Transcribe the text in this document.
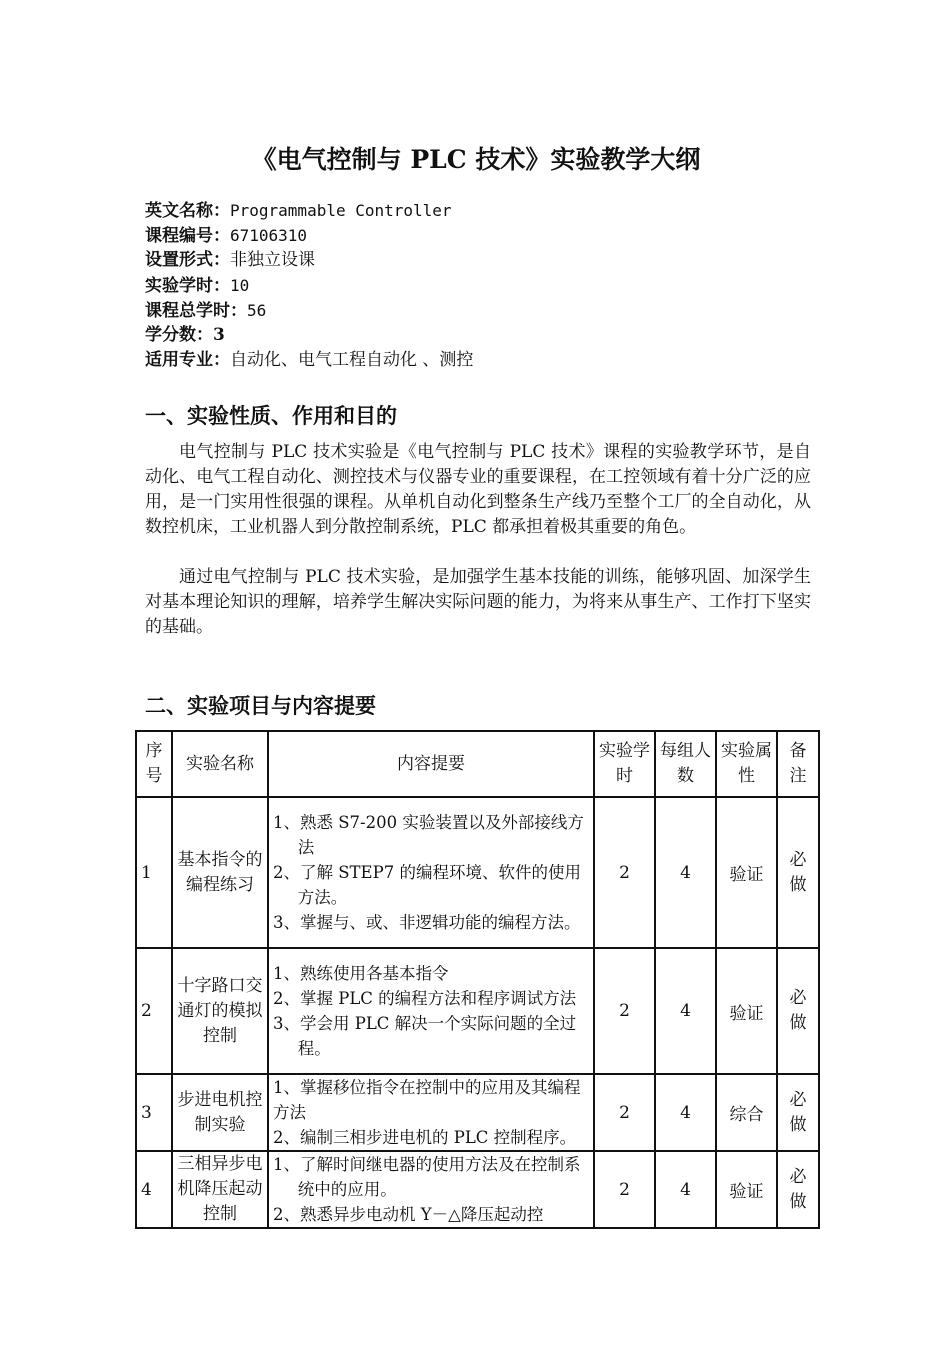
《电气控制与 PLC 技术》实验教学大纲
英文名称：Programmable Controller
课程编号：67106310
设置形式：非独立设课
实验学时：10
课程总学时：56
学分数：3
适用专业：自动化、电气工程自动化 、测控
一、实验性质、作用和目的
电气控制与 PLC 技术实验是《电气控制与 PLC 技术》课程的实验教学环节，是自动化、电气工程自动化、测控技术与仪器专业的重要课程，在工控领域有着十分广泛的应用，是一门实用性很强的课程。从单机自动化到整条生产线乃至整个工厂的全自动化，从数控机床，工业机器人到分散控制系统，PLC 都承担着极其重要的角色。
通过电气控制与 PLC 技术实验，是加强学生基本技能的训练，能够巩固、加深学生对基本理论知识的理解，培养学生解决实际问题的能力，为将来从事生产、工作打下坚实的基础。
二、实验项目与内容提要
序号	实验名称	内容提要	实验学时	每组人数	实验属性	备注
1	基本指令的编程练习	1、熟悉 S7-200 实验装置以及外部接线方法
2、了解 STEP7 的编程环境、软件的使用方法。
3、掌握与、或、非逻辑功能的编程方法。	2	4	验证	必做
2	十字路口交通灯的模拟控制	1、熟练使用各基本指令
2、掌握 PLC 的编程方法和程序调试方法
3、学会用 PLC 解决一个实际问题的全过程。	2	4	验证	必做
3	步进电机控制实验	1、掌握移位指令在控制中的应用及其编程方法
2、编制三相步进电机的 PLC 控制程序。	2	4	综合	必做
4	三相异步电机降压起动控制	1、了解时间继电器的使用方法及在控制系统中的应用。
2、熟悉异步电动机 Y－△降压起动控	2	4	验证	必做
